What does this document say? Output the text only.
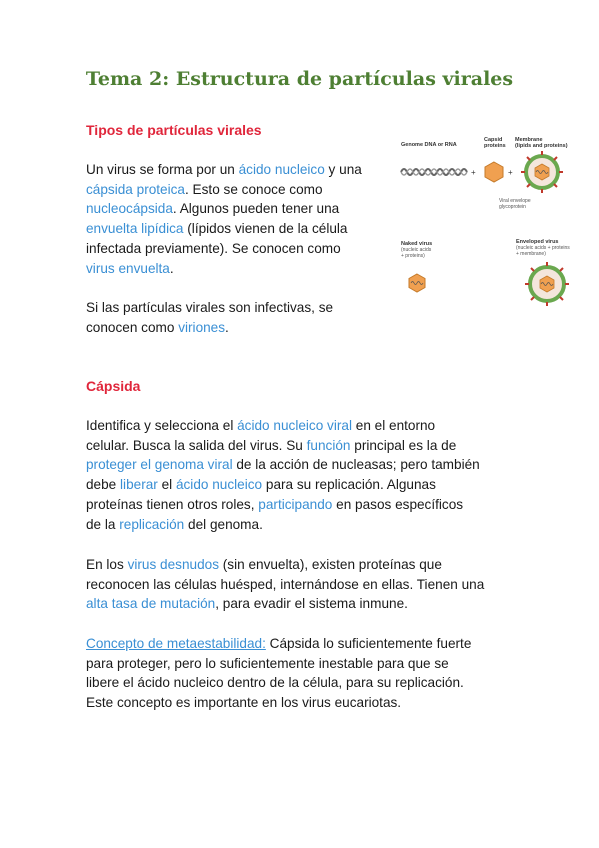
Tema 2: Estructura de partículas virales
Tipos de partículas virales

Un virus se forma por un ácido nucleico y una
cápsida proteica. Esto se conoce como
nucleocápsida. Algunos pueden tener una
envuelta lipídica (lípidos vienen de la célula
infectada previamente). Se conocen como
virus envuelta.

Si las partículas virales son infectivas, se
conocen como viriones.

Genome DNA or RNA
Capsid
proteins
Membrane
(lipids and proteins)
+	+
Viral envelope
glycoprotein
Naked virus
(nucleic acids
+ proteins)
Enveloped virus
(nucleic acids + proteins
+ membrane)
Cápsida

Identifica y selecciona el ácido nucleico viral en el entorno
celular. Busca la salida del virus. Su función principal es la de
proteger el genoma viral de la acción de nucleasas; pero también
debe liberar el ácido nucleico para su replicación. Algunas
proteínas tienen otros roles, participando en pasos específicos
de la replicación del genoma.

En los virus desnudos (sin envuelta), existen proteínas que
reconocen las células huésped, internándose en ellas. Tienen una
alta tasa de mutación, para evadir el sistema inmune.

Concepto de metaestabilidad: Cápsida lo suficientemente fuerte
para proteger, pero lo suficientemente inestable para que se
libere el ácido nucleico dentro de la célula, para su replicación.
Este concepto es importante en los virus eucariotas.
